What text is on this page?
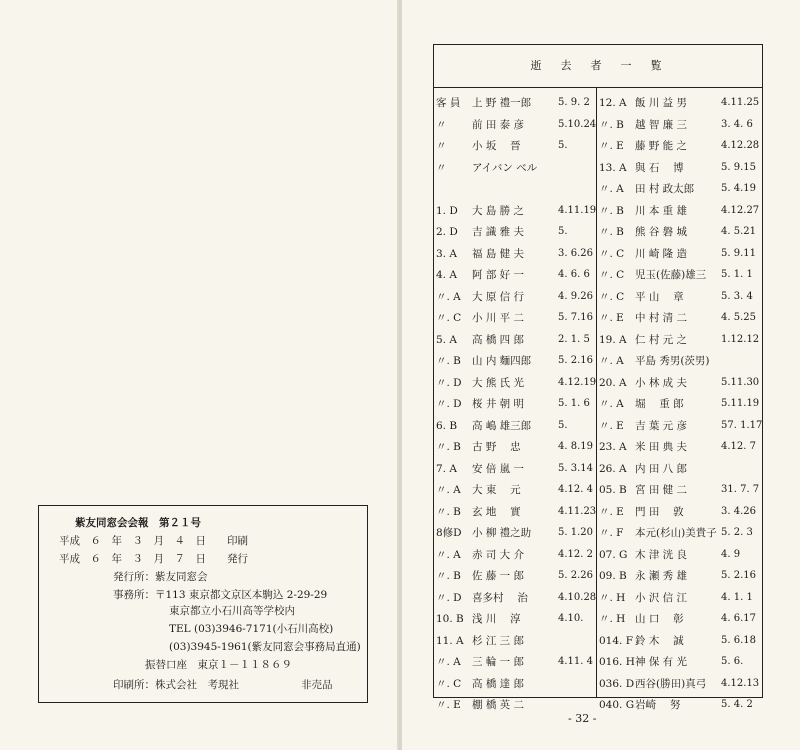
紫友同窓会会報　第２１号
平成　６　年　３　月　４　日　　印刷
平成　６　年　３　月　７　日　　発行
発行所：紫友同窓会
事務所：〒113 東京都文京区本駒込 2-29-29
東京都立小石川高等学校内
TEL (03)3946-7171(小石川高校)
(03)3945-1961(紫友同窓会事務局直通)
振替口座　東京１－１１８６９
印刷所：株式会社　考現社	非売品
逝　去　者　一　覧
客 員	上 野 禮一郎	5. 9. 2
〃	前 田 泰 彦	5.10.24
〃	小 坂 　晉	5.
〃	アイバン ベル
1. D	大 島 勝 之	4.11.19
2. D	吉 識 雅 夫	5.
3. A	福 島 健 夫	3. 6.26
4. A	阿 部 好 一	4. 6. 6
〃. A	大 原 信 行	4. 9.26
〃. C	小 川 平 二	5. 7.16
5. A	高 橋 四 郎	2. 1. 5
〃. B	山 内 麵四郎	5. 2.16
〃. D 大 熊 氏 光	4.12.19
〃. D 桜 井 朝 明	5. 1. 6
6. B	高 嶋 雄三郎	5.
〃. B	古 野 　忠	4. 8.19
7. A	安 倍 嵐 一	5. 3.14
〃. A	大 東 　元	4.12. 4
〃. B	玄 地 　實	4.11.23
8修D 小 柳 禮之助	5. 1.20
〃. A	赤 司 大 介	4.12. 2
〃. B	佐 藤 一 郎	5. 2.26
〃. D 喜多村 　治	4.10.28
10. B 浅 川 　淳	4.10.
11. A 杉 江 三 郎
〃. A	三 輪 一 郎	4.11. 4
〃. C	高 橋 達 郎
〃. E	棚 橋 英 二
12. A 飯 川 益 男	4.11.25
〃. B	越 智 廉 三	3. 4. 6
〃. E	藤 野 能 之	4.12.28
13. A 與 石 　博	5. 9.15
〃. A	田 村 政太郎	5. 4.19
〃. B	川 本 重 雄	4.12.27
〃. B	熊 谷 磐 城	4. 5.21
〃. C	川 崎 隆 造	5. 9.11
〃. C	児玉(佐藤)雄三	5. 1. 1
〃. C	平 山 　章	5. 3. 4
〃. E	中 村 清 二	4. 5.25
19. A 仁 村 元 之	1.12.12
〃. A	平島 秀男(茨男)
20. A 小 林 成 夫	5.11.30
〃. A	堀 　重 郎	5.11.19
〃. E	吉 葉 元 彦	57. 1.17
23. A 米 田 典 夫	4.12. 7
26. A 内 田 八 郎
05. B 宮 田 健 二	31. 7. 7
〃. E	門 田 　敦	3. 4.26
〃. F	本元(杉山)美貴子 5. 2. 3
07. G 木 津 洸 良	4. 9
09. B 永 瀬 秀 雄	5. 2.16
〃. H 小 沢 信 江	4. 1. 1
〃. H 山 口 　彰	4. 6.17
014. F 鈴 木 　誠	5. 6.18
016. H 神 保 有 光	5. 6.
036. D 西谷(勝田)真弓	4.12.13
040. G 岩崎 　努	5. 4. 2
- 32 -
